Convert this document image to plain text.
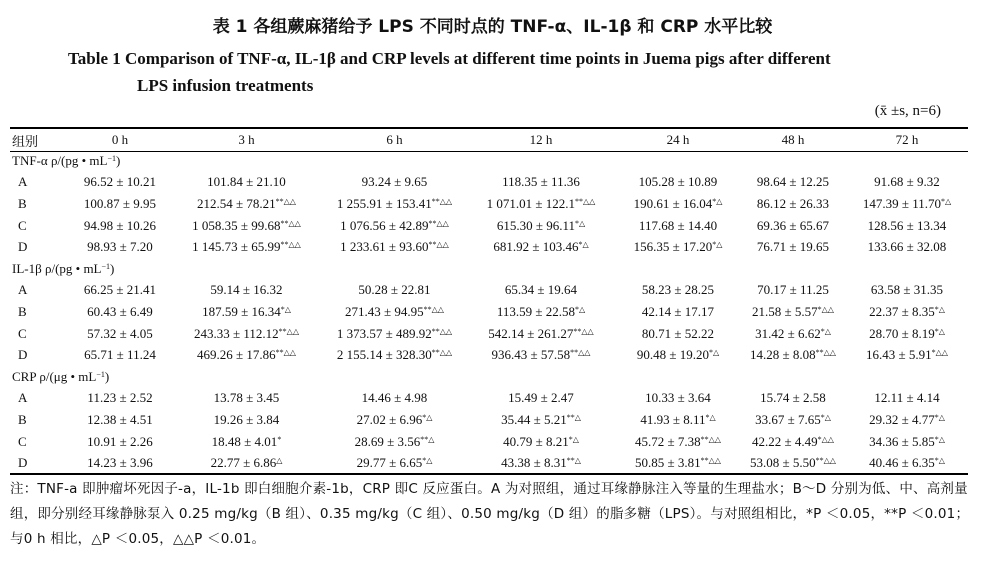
表 1 各组蕨麻猪给予 LPS 不同时点的 TNF-α、IL-1β 和 CRP 水平比较
Table 1 Comparison of TNF-α, IL-1β and CRP levels at different time points in Juema pigs after different
LPS infusion treatments
(x̄ ±s, n=6)
组别	0 h	3 h	6 h	12 h	24 h	48 h	72 h
TNF-α ρ/(pg • $mL^{-1}$)							
A	96.52 ± 10.21	101.84 ± 21.10	93.24 ± 9.65	118.35 ± 11.36	105.28 ± 10.89	98.64 ± 12.25	91.68 ± 9.32
B	100.87 ± 9.95	212.54 ± 78.21**△△	1 255.91 ± 153.41**△△	1 071.01 ± 122.1**△△	190.61 ± 16.04*△	86.12 ± 26.33	147.39 ± 11.70*△
C	94.98 ± 10.26	1 058.35 ± 99.68**△△	1 076.56 ± 42.89**△△	615.30 ± 96.11*△	117.68 ± 14.40	69.36 ± 65.67	128.56 ± 13.34
D	98.93 ± 7.20	1 145.73 ± 65.99**△△	1 233.61 ± 93.60**△△	681.92 ± 103.46*△	156.35 ± 17.20*△	76.71 ± 19.65	133.66 ± 32.08
IL-1β ρ/(pg • $mL^{-1}$)							
A	66.25 ± 21.41	59.14 ± 16.32	50.28 ± 22.81	65.34 ± 19.64	58.23 ± 28.25	70.17 ± 11.25	63.58 ± 31.35
B	60.43 ± 6.49	187.59 ± 16.34*△	271.43 ± 94.95**△△	113.59 ± 22.58*△	42.14 ± 17.17	21.58 ± 5.57*△△	22.37 ± 8.35*△
C	57.32 ± 4.05	243.33 ± 112.12**△△	1 373.57 ± 489.92**△△	542.14 ± 261.27**△△	80.71 ± 52.22	31.42 ± 6.62*△	28.70 ± 8.19*△
D	65.71 ± 11.24	469.26 ± 17.86**△△	2 155.14 ± 328.30**△△	936.43 ± 57.58**△△	90.48 ± 19.20*△	14.28 ± 8.08**△△	16.43 ± 5.91*△△
CRP ρ/(μg • $mL^{-1}$)							
A	11.23 ± 2.52	13.78 ± 3.45	14.46 ± 4.98	15.49 ± 2.47	10.33 ± 3.64	15.74 ± 2.58	12.11 ± 4.14
B	12.38 ± 4.51	19.26 ± 3.84	27.02 ± 6.96*△	35.44 ± 5.21**△	41.93 ± 8.11*△	33.67 ± 7.65*△	29.32 ± 4.77*△
C	10.91 ± 2.26	18.48 ± 4.01*	28.69 ± 3.56**△	40.79 ± 8.21*△	45.72 ± 7.38**△△	42.22 ± 4.49*△△	34.36 ± 5.85*△
D	14.23 ± 3.96	22.77 ± 6.86△	29.77 ± 6.65*△	43.38 ± 8.31**△	50.85 ± 3.81**△△	53.08 ± 5.50**△△	40.46 ± 6.35*△
注：TNF-a 即肿瘤坏死因子-a，IL-1b 即白细胞介素-1b，CRP 即C 反应蛋白。A 为对照组，通过耳缘静脉注入等量的生理盐水；B～D 分别为低、中、高剂量组，即分别经耳缘静脉泵入 0.25 mg/kg（B 组）、0.35 mg/kg（C 组）、0.50 mg/kg（D 组）的脂多糖（LPS）。与对照组相比，*P ＜0.05，**P ＜0.01；与0 h 相比，△P ＜0.05，△△P ＜0.01。
